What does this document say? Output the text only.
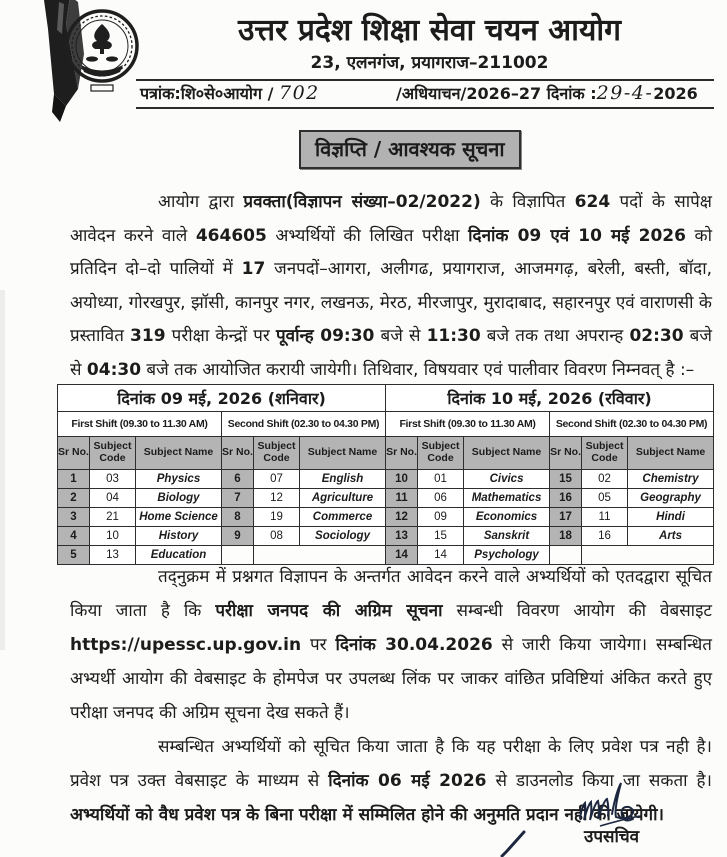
उत्तर प्रदेश शिक्षा सेवा चयन आयोग
23, एलनगंज, प्रयागराज–211002
पत्रांक:शि०से०आयोग / 702	/अधियाचन/2026–27 दिनांक :29-4-2026
विज्ञप्ति / आवश्यक सूचना

आयोग द्वारा प्रवक्ता(विज्ञापन संख्या–02/2022) के विज्ञापित 624 पदों के सापेक्ष आवेदन करने वाले 464605 अभ्यर्थियों की लिखित परीक्षा दिनांक 09 एवं 10 मई 2026 को प्रतिदिन दो–दो पालियों में 17 जनपदों–आगरा, अलीगढ, प्रयागराज, आजमगढ़, बरेली, बस्ती, बॉदा, अयोध्या, गोरखपुर, झॉसी, कानपुर नगर, लखनऊ, मेरठ, मीरजापुर, मुरादाबाद, सहारनपुर एवं वाराणसी के प्रस्तावित 319 परीक्षा केन्द्रों पर पूर्वान्ह 09:30 बजे से 11:30 बजे तक तथा अपरान्ह 02:30 बजे से 04:30 बजे तक आयोजित करायी जायेगी। तिथिवार, विषयवार एवं पालीवार विवरण निम्नवत् है :–

दिनांक 09 मई, 2026 (शनिवार)						दिनांक 10 मई, 2026 (रविवार)					
First Shift (09.30 to 11.30 AM)			Second Shift (02.30 to 04.30 PM)			First Shift (09.30 to 11.30 AM)			Second Shift (02.30 to 04.30 PM)		
Sr No.	Subject Code	Subject Name	Sr No.	Subject Code	Subject Name	Sr No.	Subject Code	Subject Name	Sr No.	Subject Code	Subject Name
1	03	Physics	6	07	English	10	01	Civics	15	02	Chemistry
2	04	Biology	7	12	Agriculture	11	06	Mathematics	16	05	Geography
3	21	Home Science	8	19	Commerce	12	09	Economics	17	11	Hindi
4	10	History	9	08	Sociology	13	15	Sanskrit	18	16	Arts
5	13	Education				14	14	Psychology			

तद्नुक्रम में प्रश्नगत विज्ञापन के अन्तर्गत आवेदन करने वाले अभ्यर्थियों को एतदद्वारा सूचित किया जाता है कि परीक्षा जनपद की अग्रिम सूचना सम्बन्धी विवरण आयोग की वेबसाइट https://upessc.up.gov.in पर दिनांक 30.04.2026 से जारी किया जायेगा। सम्बन्धित अभ्यर्थी आयोग की वेबसाइट के होमपेज पर उपलब्ध लिंक पर जाकर वांछित प्रविष्टियां अंकित करते हुए परीक्षा जनपद की अग्रिम सूचना देख सकते हैं।

सम्बन्धित अभ्यर्थियों को सूचित किया जाता है कि यह परीक्षा के लिए प्रवेश पत्र नही है। प्रवेश पत्र उक्त वेबसाइट के माध्यम से दिनांक 06 मई 2026 से डाउनलोड किया जा सकता है। अभ्यर्थियों को वैध प्रवेश पत्र के बिना परीक्षा में सम्मिलित होने की अनुमति प्रदान नही की जायेगी।

उपसचिव
